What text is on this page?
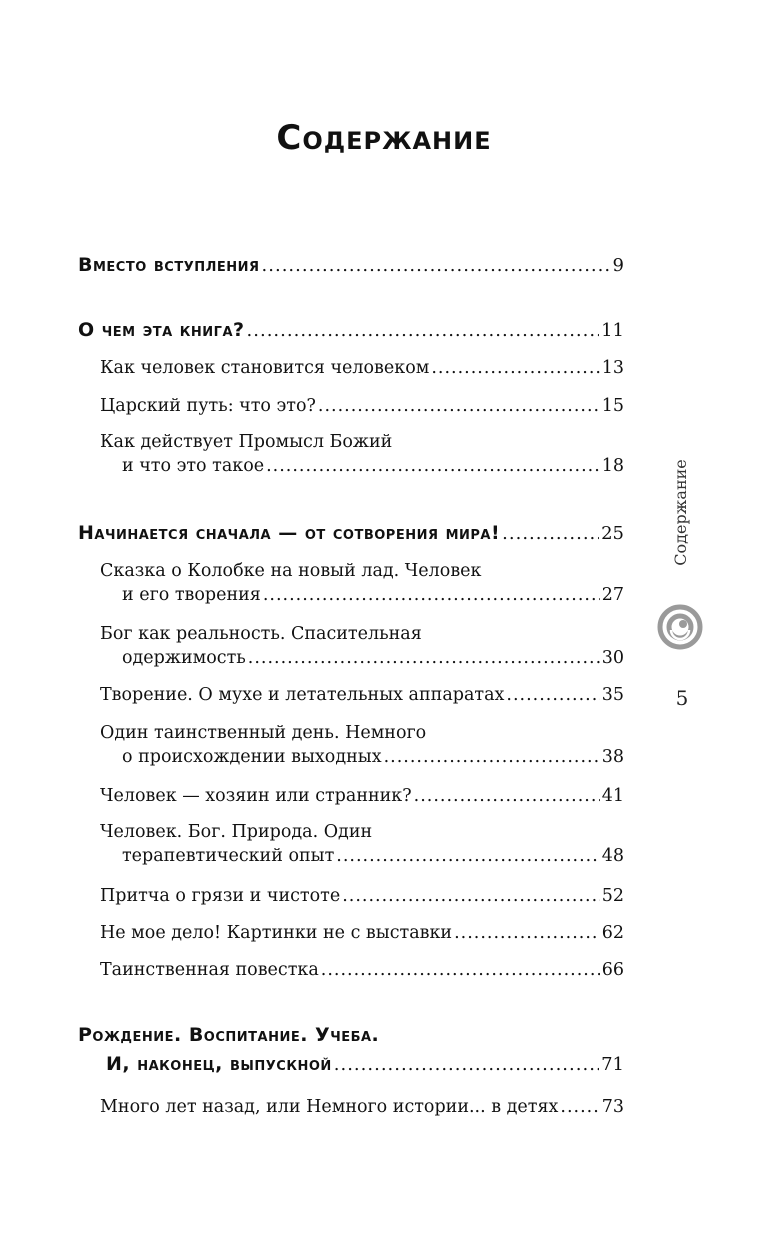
Содержание
Вместо вступления .....	9
О чем эта книга? .....	11
Как человек становится человеком .....	13
Царский путь: что это? .....	15
Как действует Промысл Божий
и что это такое .....	18
Начинается сначала — от сотворения мира! .....	25
Сказка о Колобке на новый лад. Человек
и его творения .....	27
Бог как реальность. Спасительная
одержимость .....	30
Творение. О мухе и летательных аппаратах .....	35
Один таинственный день. Немного
о происхождении выходных .....	38
Человек — хозяин или странник? .....	41
Человек. Бог. Природа. Один
терапевтический опыт .....	48
Притча о грязи и чистоте .....	52
Не мое дело! Картинки не с выставки .....	62
Таинственная повестка .....	66
Рождение. Воспитание. Учеба.
И, наконец, выпускной .....	71
Много лет назад, или Немного истории... в детях ..... 73
Содержание
5
